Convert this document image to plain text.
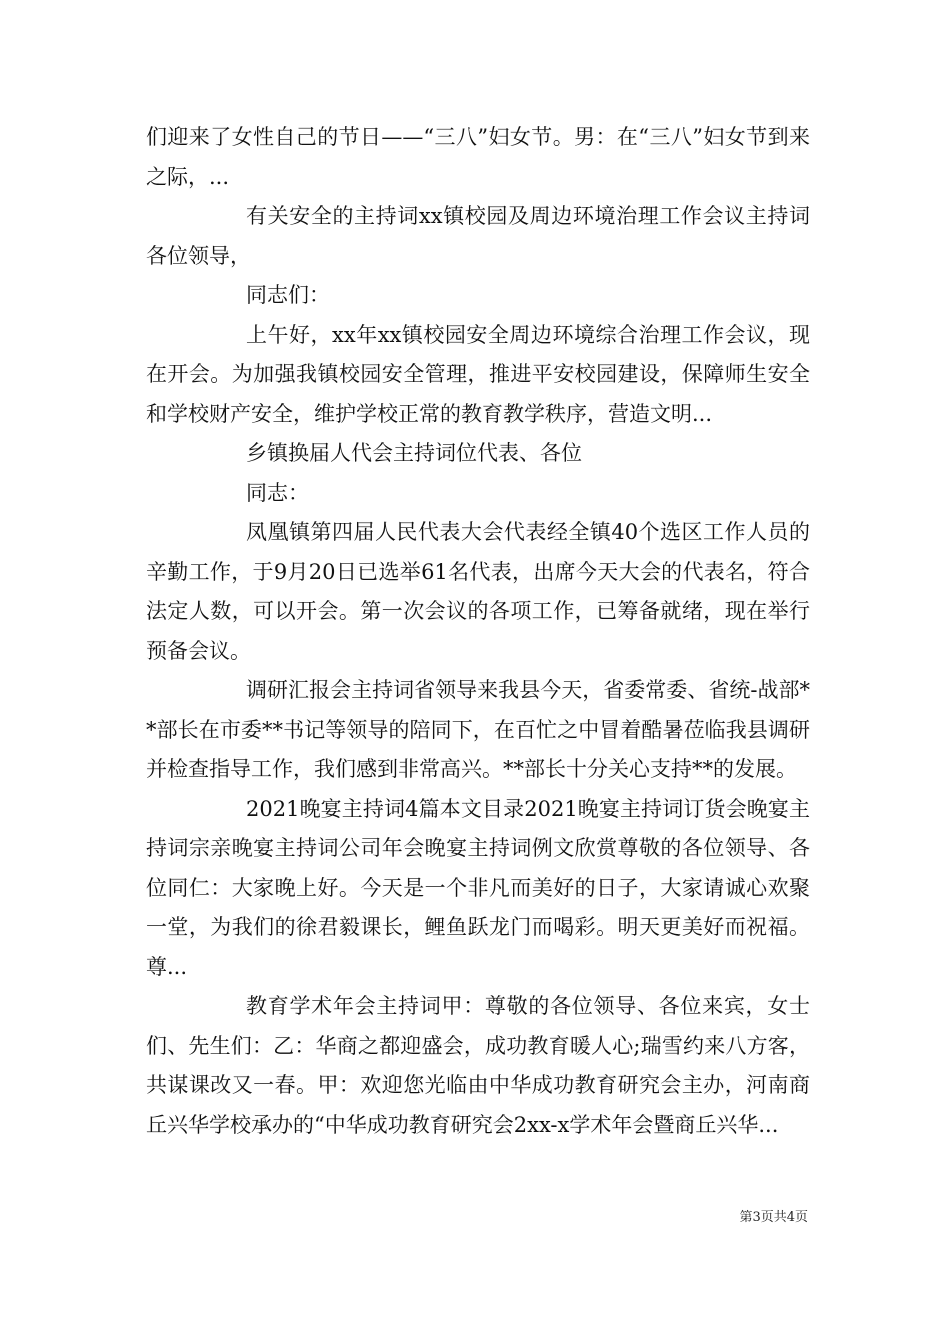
们迎来了女性自己的节日——“三八”妇女节。男：在“三八”妇女节到来之际，...

有关安全的主持词xx镇校园及周边环境治理工作会议主持词各位领导，

同志们：

上午好，xx年xx镇校园安全周边环境综合治理工作会议，现在开会。为加强我镇校园安全管理，推进平安校园建设，保障师生安全和学校财产安全，维护学校正常的教育教学秩序，营造文明...

乡镇换届人代会主持词位代表、各位

同志：

凤凰镇第四届人民代表大会代表经全镇40个选区工作人员的辛勤工作，于9月20日已选举61名代表，出席今天大会的代表名，符合法定人数，可以开会。第一次会议的各项工作，已筹备就绪，现在举行预备会议。

调研汇报会主持词省领导来我县今天，省委常委、省统-战部**部长在市委**书记等领导的陪同下，在百忙之中冒着酷暑莅临我县调研并检查指导工作，我们感到非常高兴。**部长十分关心支持**的发展。

2021晚宴主持词4篇本文目录2021晚宴主持词订货会晚宴主持词宗亲晚宴主持词公司年会晚宴主持词例文欣赏尊敬的各位领导、各位同仁：大家晚上好。今天是一个非凡而美好的日子，大家请诚心欢聚一堂，为我们的徐君毅课长，鲤鱼跃龙门而喝彩。明天更美好而祝福。尊...

教育学术年会主持词甲：尊敬的各位领导、各位来宾，女士们、先生们：乙：华商之都迎盛会，成功教育暖人心;瑞雪约来八方客，共谋课改又一春。甲：欢迎您光临由中华成功教育研究会主办，河南商丘兴华学校承办的“中华成功教育研究会2xx-x学术年会暨商丘兴华...

第3页共4页
